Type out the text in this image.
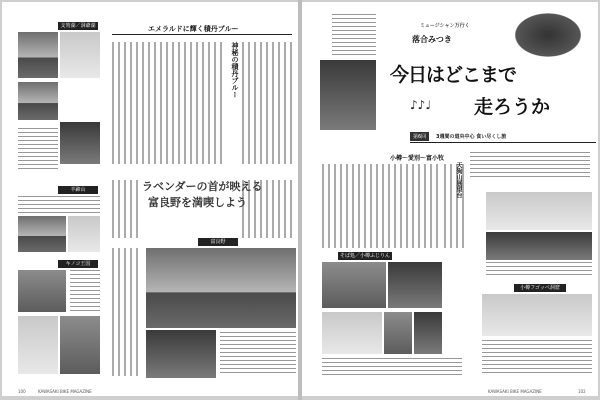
支笏湖／洞爺湖
羊蹄山
キノコ王国
エメラルドに輝く積丹ブルー
神秘の積丹ブルー
ラベンダーの首が映える
富良野を満喫しよう
富良野
100	KAWASAKI BIKE MAGAZINE
ミュージシャン万行く
落合みつき
今日はどこまで
走ろうか
♪♪♩
第6回	3週間の道央中心 食い尽くし旅
小樽〜愛別〜富小牧
天狗山展望台
そば処／小樽ふじりん
小樽フゴッペ洞窟
KAWASAKI BIKE MAGAZINE	102
